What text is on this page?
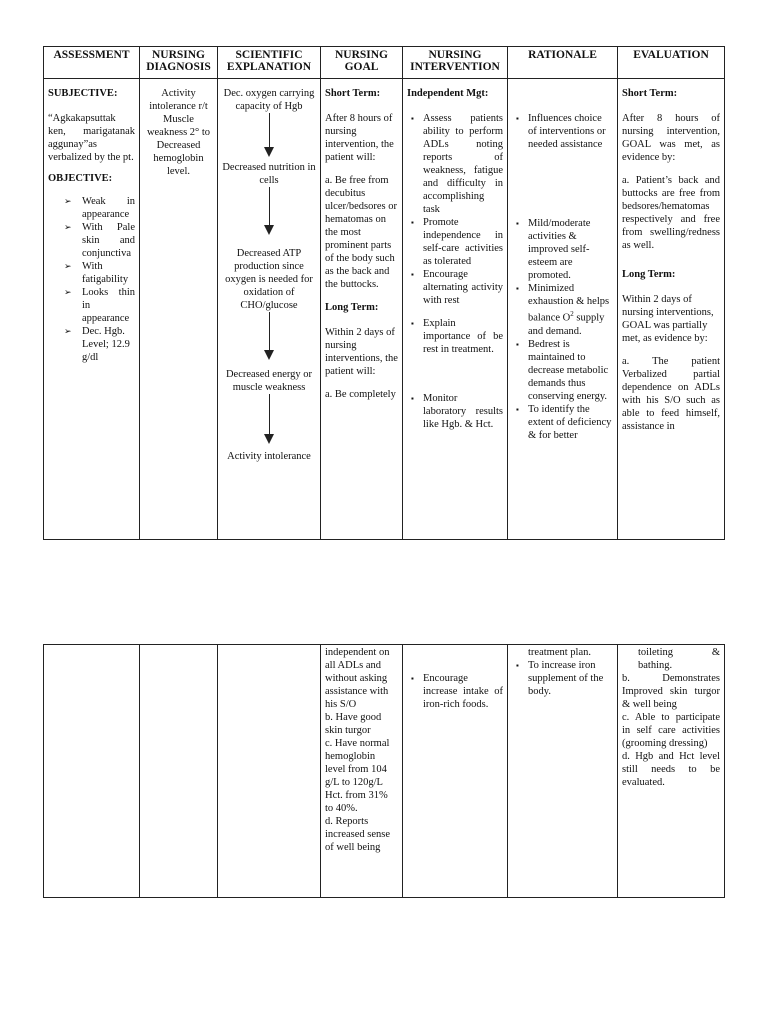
ASSESSMENT
SUBJECTIVE:
“Agkakapsuttak ken, marigatanak aggunay”as verbalized by the pt.
OBJECTIVE:
➢ Weak in appearance
➢ With Pale skin and conjunctiva
➢ With fatigability
➢ Looks thin in appearance
➢ Dec. Hgb. Level; 12.9 g/dl
NURSING DIAGNOSIS
Activity intolerance r/t Muscle weakness 2° to Decreased hemoglobin level.
SCIENTIFIC EXPLANATION
Dec. oxygen carrying capacity of Hgb
Decreased nutrition in cells
Decreased ATP production since oxygen is needed for oxidation of CHO/glucose
Decreased energy or muscle weakness
Activity intolerance
NURSING GOAL
Short Term:
After 8 hours of nursing intervention, the patient will:
a. Be free from decubitus ulcer/bedsores or hematomas on the most prominent parts of the body such as the back and the buttocks.
Long Term:
Within 2 days of nursing interventions, the patient will:
a. Be completely
NURSING INTERVENTION
Independent Mgt:
▪ Assess patients ability to perform ADLs noting reports of weakness, fatigue and difficulty in accomplishing task
▪ Promote independence in self-care activities as tolerated
▪ Encourage alternating activity with rest
▪ Explain importance of be rest in treatment.
▪ Monitor laboratory results like Hgb. & Hct.
RATIONALE
▪ Influences choice of interventions or needed assistance
▪ Mild/moderate activities & improved self-esteem are promoted.
▪ Minimized exhaustion & helps balance $O^2$ supply and demand.
▪ Bedrest is maintained to decrease metabolic demands thus conserving energy.
▪ To identify the extent of deficiency & for better
EVALUATION
Short Term:
After 8 hours of nursing intervention, GOAL was met, as evidence by:
a. Patient’s back and buttocks are free from bedsores/hematomas respectively and free from swelling/redness as well.
Long Term:
Within 2 days of nursing interventions, GOAL was partially met, as evidence by:
a. The patient Verbalized partial dependence on ADLs with his S/O such as able to feed himself, assistance in
independent on all ADLs and without asking assistance with his S/O
b. Have good skin turgor
c. Have normal hemoglobin level from 104 g/L to 120g/L Hct. from 31% to 40%.
d. Reports increased sense of well being
▪ Encourage increase intake of iron-rich foods.
treatment plan.
▪ To increase iron supplement of the body.
toileting & bathing.
b. Demonstrates Improved skin turgor & well being
c. Able to participate in self care activities (grooming dressing)
d. Hgb and Hct level still needs to be evaluated.
